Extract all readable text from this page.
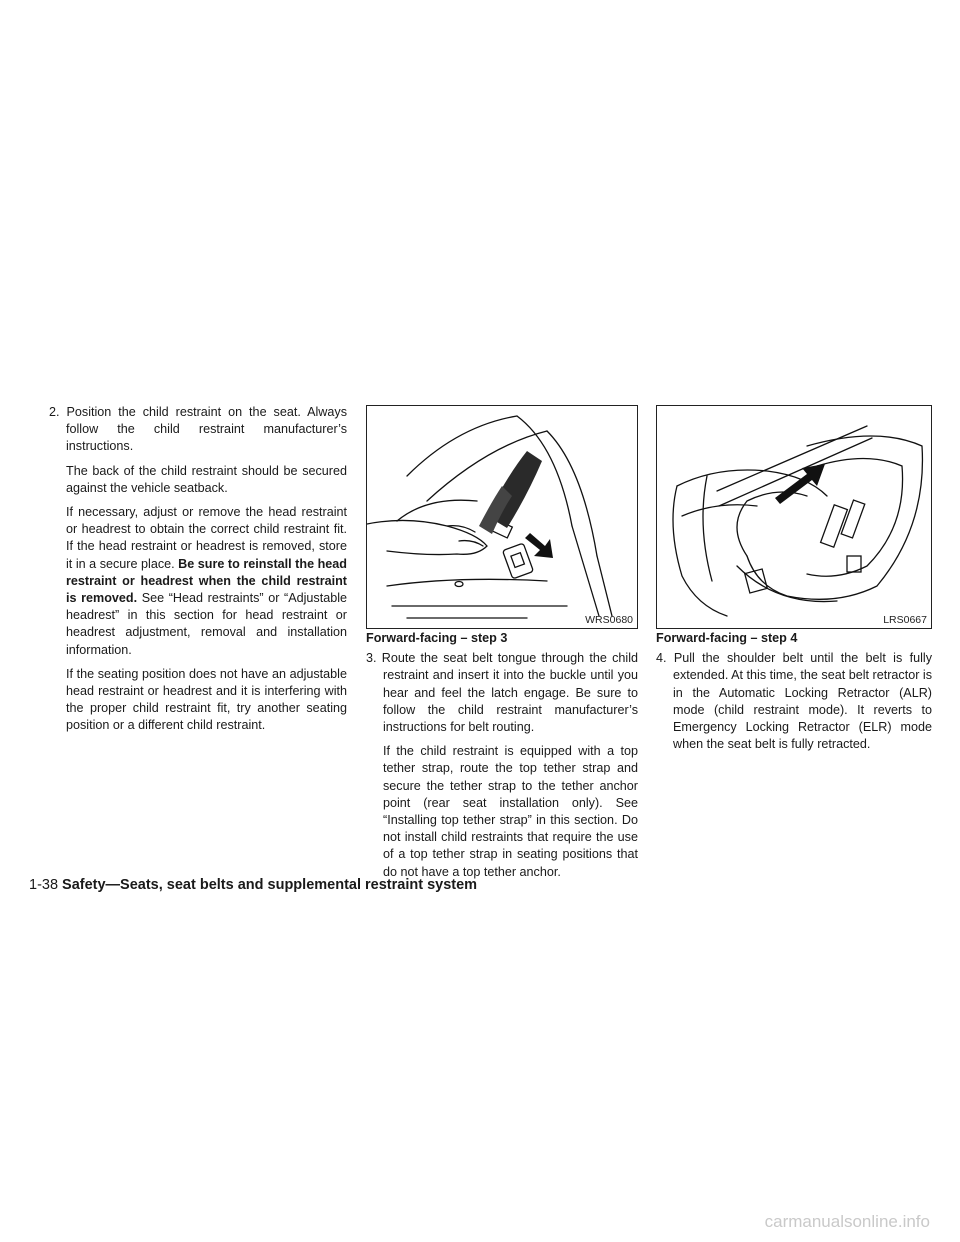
2. Position the child restraint on the seat. Always follow the child restraint manufacturer’s instructions.

The back of the child restraint should be secured against the vehicle seatback.

If necessary, adjust or remove the head restraint or headrest to obtain the correct child restraint fit. If the head restraint or headrest is removed, store it in a secure place. Be sure to reinstall the head restraint or headrest when the child restraint is removed. See “Head restraints” or “Adjustable headrest” in this section for head restraint or headrest adjustment, removal and installation information.

If the seating position does not have an adjustable head restraint or headrest and it is interfering with the proper child restraint fit, try another seating position or a different child restraint.

WRS0680	LRS0667

Forward-facing – step 3

3. Route the seat belt tongue through the child restraint and insert it into the buckle until you hear and feel the latch engage. Be sure to follow the child restraint manufacturer’s instructions for belt routing.

If the child restraint is equipped with a top tether strap, route the top tether strap and secure the tether strap to the tether anchor point (rear seat installation only). See “Installing top tether strap” in this section. Do not install child restraints that require the use of a top tether strap in seating positions that do not have a top tether anchor.

Forward-facing – step 4

4. Pull the shoulder belt until the belt is fully extended. At this time, the seat belt retractor is in the Automatic Locking Retractor (ALR) mode (child restraint mode). It reverts to Emergency Locking Retractor (ELR) mode when the seat belt is fully retracted.

1-38 Safety—Seats, seat belts and supplemental restraint system
carmanualsonline.info
